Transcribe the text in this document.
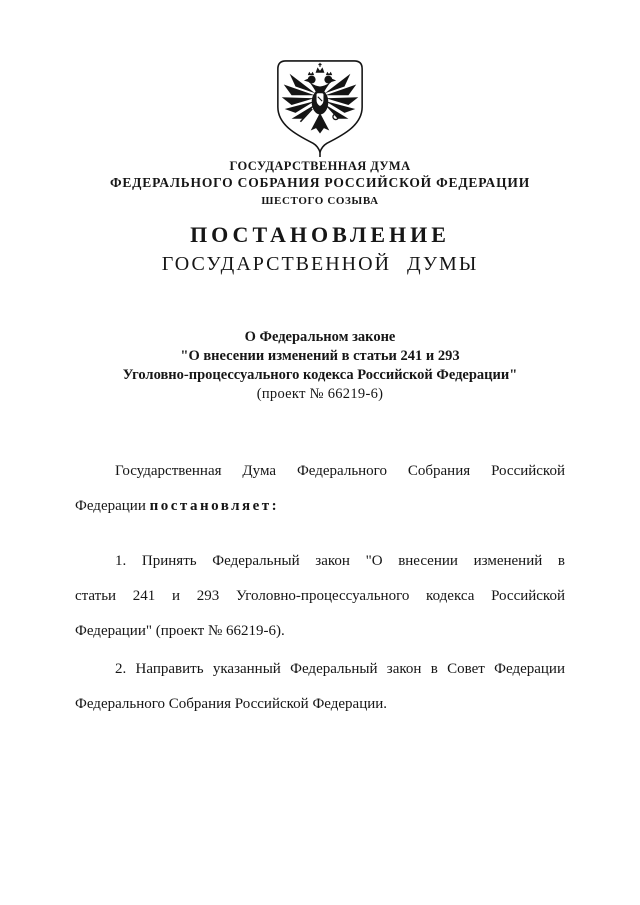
ГОСУДАРСТВЕННАЯ ДУМА
ФЕДЕРАЛЬНОГО СОБРАНИЯ РОССИЙСКОЙ ФЕДЕРАЦИИ
ШЕСТОГО СОЗЫВА
ПОСТАНОВЛЕНИЕ
ГОСУДАРСТВЕННОЙ ДУМЫ
О Федеральном законе
"О внесении изменений в статьи 241 и 293
Уголовно-процессуального кодекса Российской Федерации"
(проект № 66219-6)
Государственная Дума Федерального Собрания Российской
Федерации постановляет:
1. Принять Федеральный закон "О внесении изменений в
статьи 241 и 293 Уголовно-процессуального кодекса Российской
Федерации" (проект № 66219-6).
2. Направить указанный Федеральный закон в Совет Федерации
Федерального Собрания Российской Федерации.
